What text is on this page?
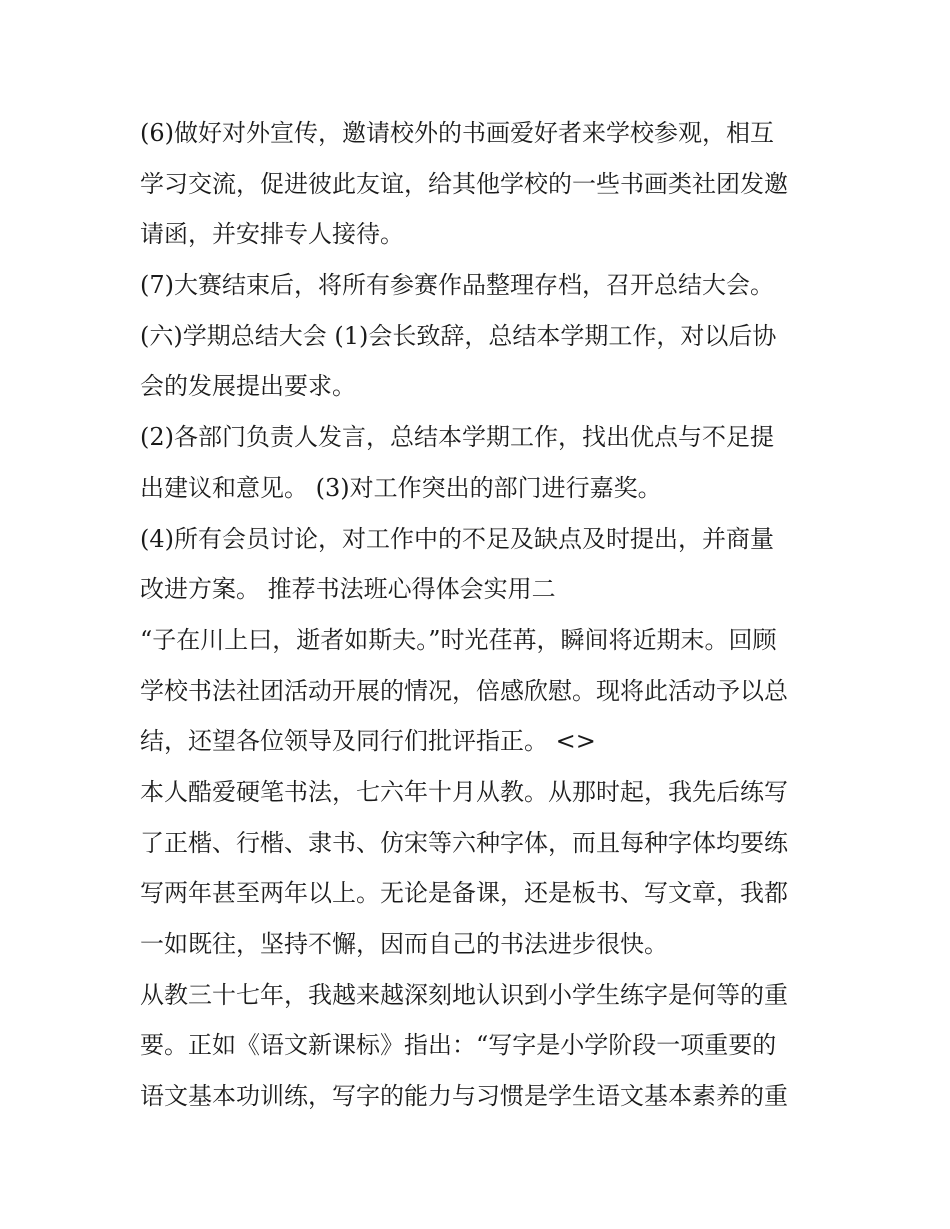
(6)做好对外宣传，邀请校外的书画爱好者来学校参观，相互

学习交流，促进彼此友谊，给其他学校的一些书画类社团发邀

请函，并安排专人接待。

(7)大赛结束后，将所有参赛作品整理存档，召开总结大会。

(六)学期总结大会 (1)会长致辞，总结本学期工作，对以后协

会的发展提出要求。

(2)各部门负责人发言，总结本学期工作，找出优点与不足提

出建议和意见。 (3)对工作突出的部门进行嘉奖。

(4)所有会员讨论，对工作中的不足及缺点及时提出，并商量

改进方案。 推荐书法班心得体会实用二

“子在川上曰，逝者如斯夫。”时光荏苒，瞬间将近期末。回顾

学校书法社团活动开展的情况，倍感欣慰。现将此活动予以总

结，还望各位领导及同行们批评指正。 <>

本人酷爱硬笔书法，七六年十月从教。从那时起，我先后练写

了正楷、行楷、隶书、仿宋等六种字体，而且每种字体均要练

写两年甚至两年以上。无论是备课，还是板书、写文章，我都

一如既往，坚持不懈，因而自己的书法进步很快。

从教三十七年，我越来越深刻地认识到小学生练字是何等的重

要。正如《语文新课标》指出：“写字是小学阶段一项重要的

语文基本功训练，写字的能力与习惯是学生语文基本素养的重
